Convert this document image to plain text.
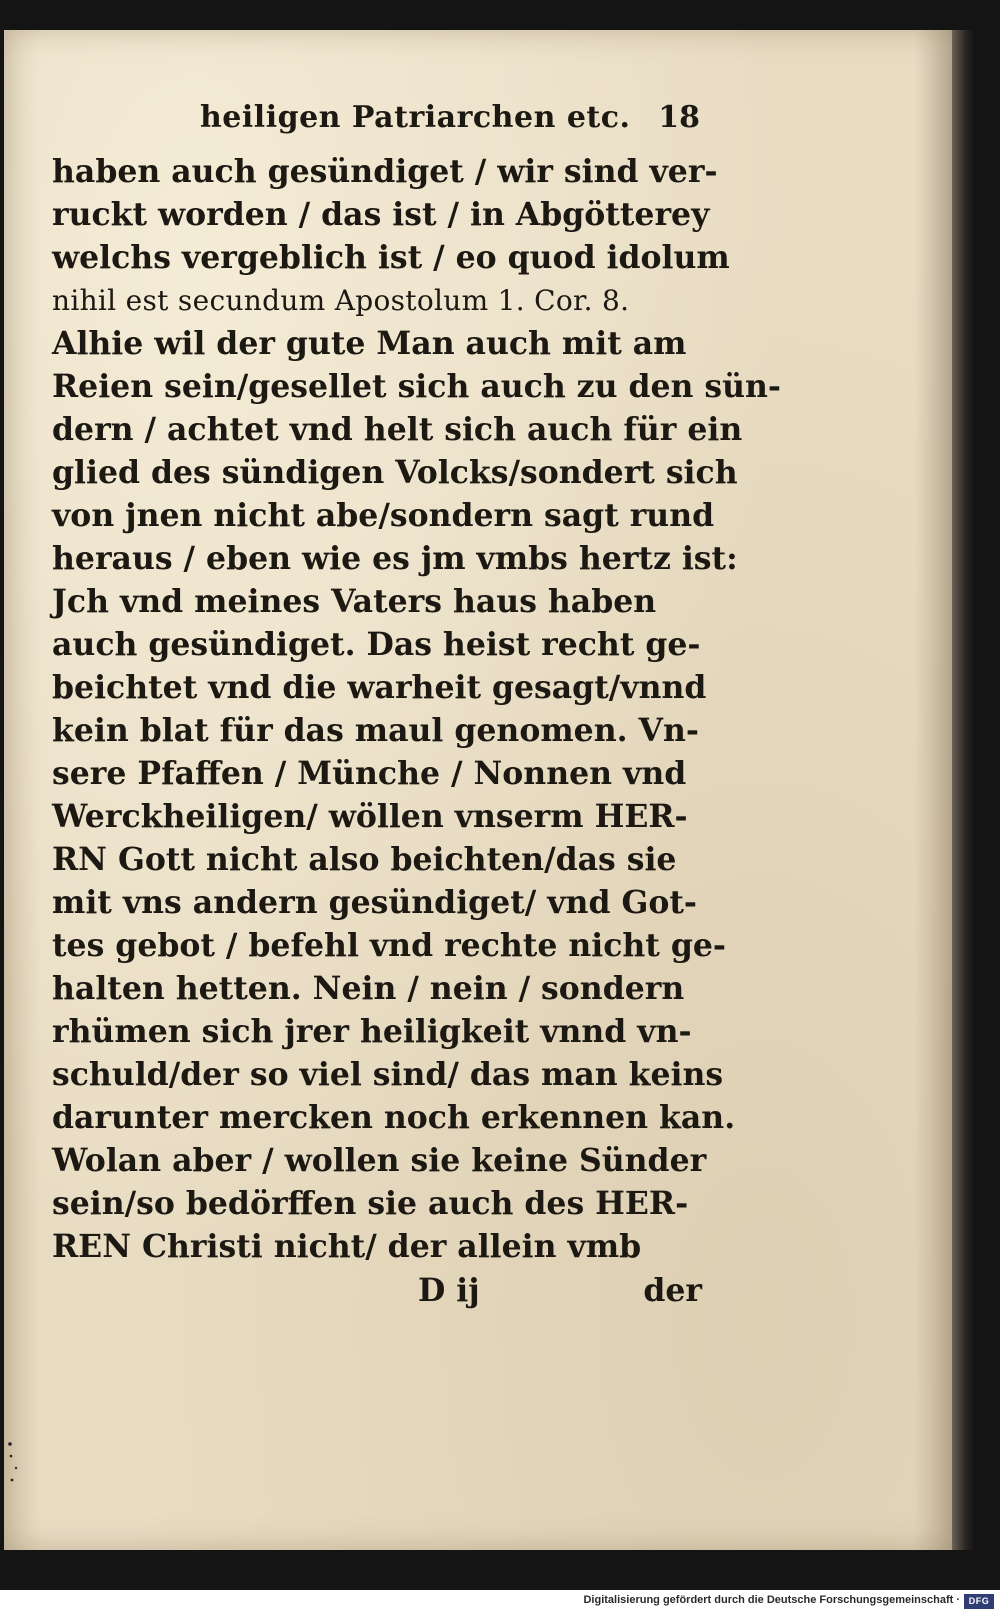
heiligen Patriarchen etc. 18
haben auch gesündiget / wir sind ver-
ruckt worden / das ist / in Abgötterey
welchs vergeblich ist / eo quod idolum
nihil est secundum Apostolum 1. Cor. 8.
Alhie wil der gute Man auch mit am
Reien sein/gesellet sich auch zu den sün-
dern / achtet vnd helt sich auch für ein
glied des sündigen Volcks/sondert sich
von jnen nicht abe/sondern sagt rund
heraus / eben wie es jm vmbs hertz ist:
Jch vnd meines Vaters haus haben
auch gesündiget. Das heist recht ge-
beichtet vnd die warheit gesagt/vnnd
kein blat für das maul genomen. Vn-
sere Pfaffen / Münche / Nonnen vnd
Werckheiligen/ wöllen vnserm HER-
RN Gott nicht also beichten/das sie
mit vns andern gesündiget/ vnd Got-
tes gebot / befehl vnd rechte nicht ge-
halten hetten. Nein / nein / sondern
rhümen sich jrer heiligkeit vnnd vn-
schuld/der so viel sind/ das man keins
darunter mercken noch erkennen kan.
Wolan aber / wollen sie keine Sünder
sein/so bedörffen sie auch des HER-
REN Christi nicht/ der allein vmb
D ij	der
Digitalisierung gefördert durch die Deutsche Forschungsgemeinschaft · DFG
